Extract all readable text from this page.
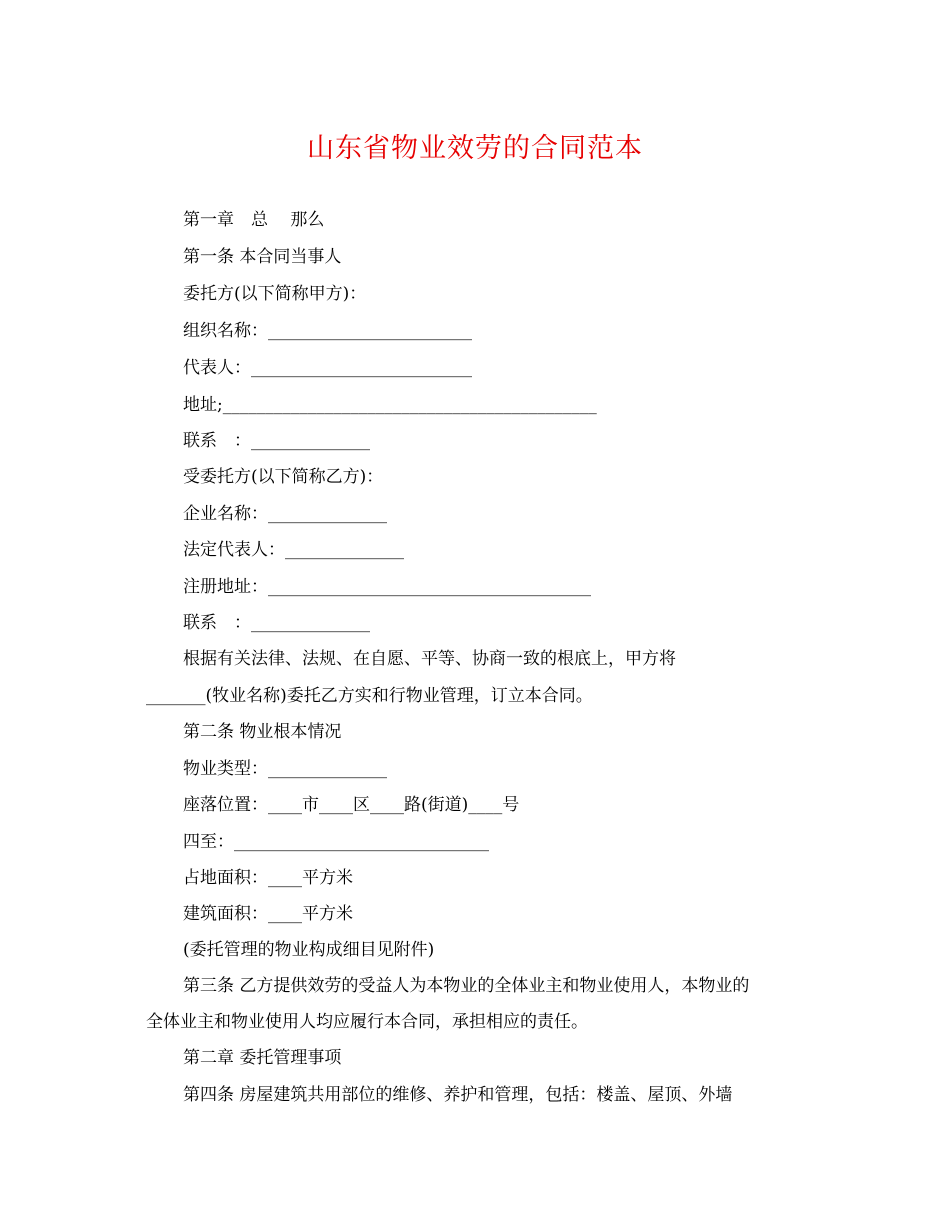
山东省物业效劳的合同范本
第一章　总　 那么
第一条 本合同当事人
委托方(以下简称甲方)：
组织名称：________________________
代表人：__________________________
地址;____________________________________________
联系　：______________
受委托方(以下简称乙方)：
企业名称：______________
法定代表人：______________
注册地址：______________________________________
联系　：______________
根据有关法律、法规、在自愿、平等、协商一致的根底上，甲方将
_______(牧业名称)委托乙方实和行物业管理，订立本合同。
第二条 物业根本情况
物业类型：______________
座落位置：____市____区____路(街道)____号
四至：______________________________
占地面积：____平方米
建筑面积：____平方米
(委托管理的物业构成细目见附件)
第三条 乙方提供效劳的受益人为本物业的全体业主和物业使用人，本物业的
全体业主和物业使用人均应履行本合同，承担相应的责任。
第二章 委托管理事项
第四条 房屋建筑共用部位的维修、养护和管理，包括：楼盖、屋顶、外墙
